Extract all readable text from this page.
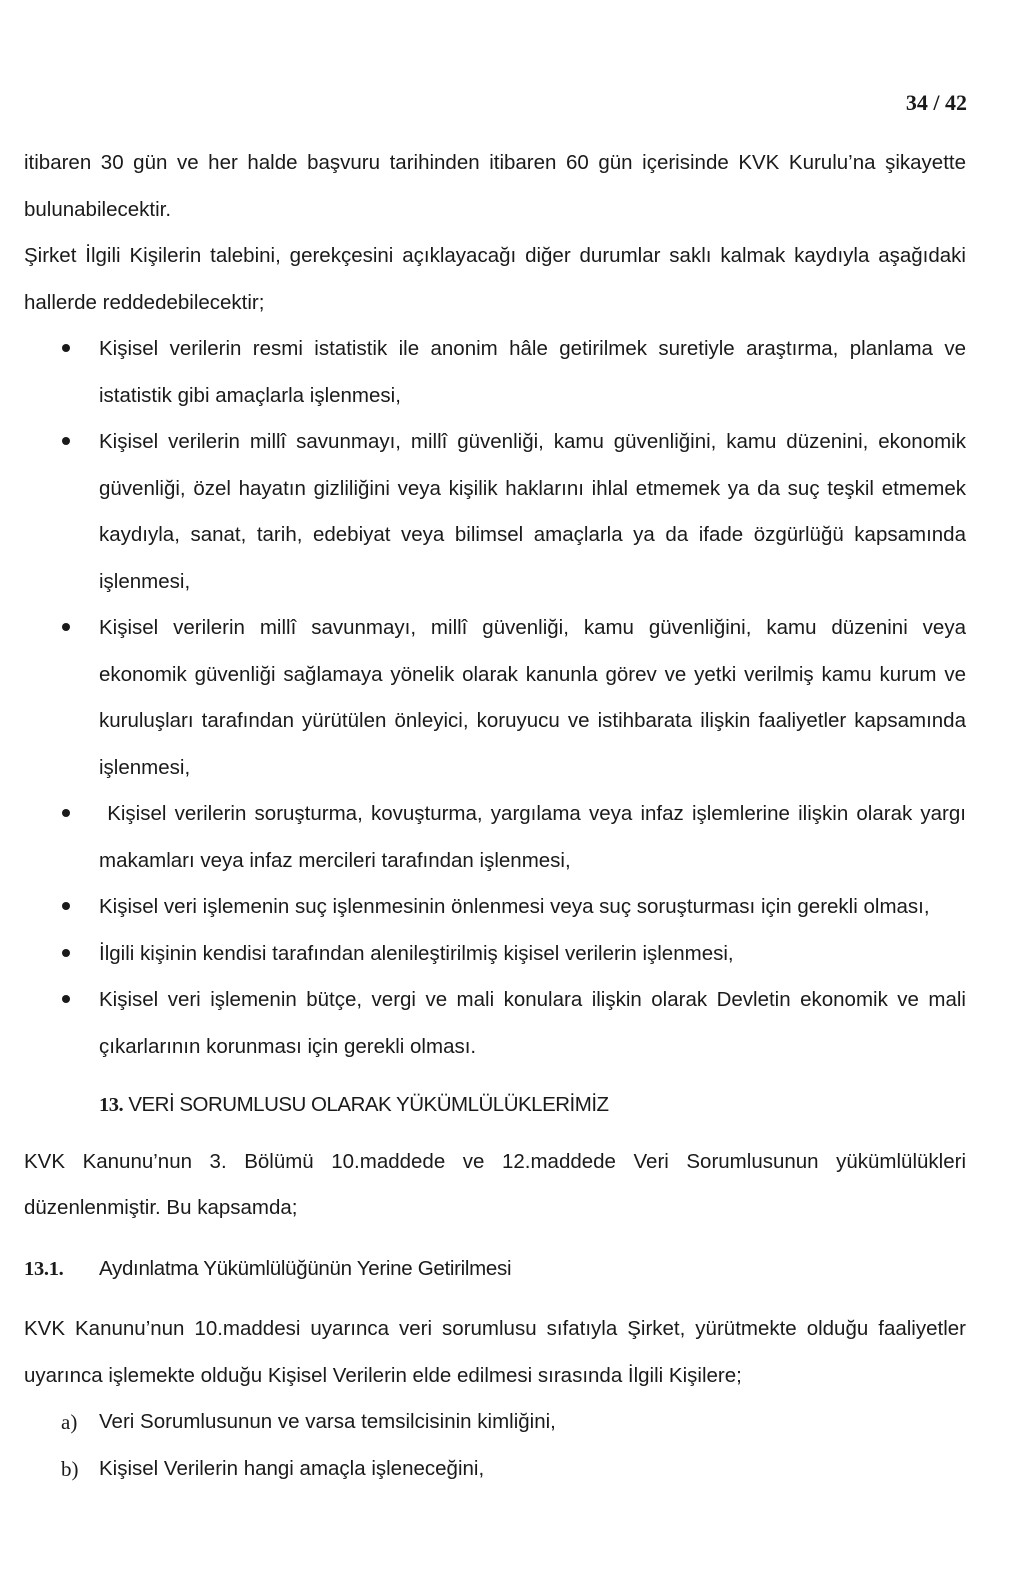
34 / 42

itibaren 30 gün ve her halde başvuru tarihinden itibaren 60 gün içerisinde KVK Kurulu’na şikayette bulunabilecektir.

Şirket İlgili Kişilerin talebini, gerekçesini açıklayacağı diğer durumlar saklı kalmak kaydıyla aşağıdaki hallerde reddedebilecektir;

Kişisel verilerin resmi istatistik ile anonim hâle getirilmek suretiyle araştırma, planlama ve istatistik gibi amaçlarla işlenmesi,
Kişisel verilerin millî savunmayı, millî güvenliği, kamu güvenliğini, kamu düzenini, ekonomik güvenliği, özel hayatın gizliliğini veya kişilik haklarını ihlal etmemek ya da suç teşkil etmemek kaydıyla, sanat, tarih, edebiyat veya bilimsel amaçlarla ya da ifade özgürlüğü kapsamında işlenmesi,
Kişisel verilerin millî savunmayı, millî güvenliği, kamu güvenliğini, kamu düzenini veya ekonomik güvenliği sağlamaya yönelik olarak kanunla görev ve yetki verilmiş kamu kurum ve kuruluşları tarafından yürütülen önleyici, koruyucu ve istihbarata ilişkin faaliyetler kapsamında işlenmesi,
Kişisel verilerin soruşturma, kovuşturma, yargılama veya infaz işlemlerine ilişkin olarak yargı makamları veya infaz mercileri tarafından işlenmesi,
Kişisel veri işlemenin suç işlenmesinin önlenmesi veya suç soruşturması için gerekli olması,
İlgili kişinin kendisi tarafından alenileştirilmiş kişisel verilerin işlenmesi,
Kişisel veri işlemenin bütçe, vergi ve mali konulara ilişkin olarak Devletin ekonomik ve mali çıkarlarının korunması için gerekli olması.
13. VERİ SORUMLUSU OLARAK YÜKÜMLÜLÜKLERİMİZ

KVK Kanunu’nun 3. Bölümü 10.maddede ve 12.maddede Veri Sorumlusunun yükümlülükleri düzenlenmiştir. Bu kapsamda;

13.1.	Aydınlatma Yükümlülüğünün Yerine Getirilmesi

KVK Kanunu’nun 10.maddesi uyarınca veri sorumlusu sıfatıyla Şirket, yürütmekte olduğu faaliyetler uyarınca işlemekte olduğu Kişisel Verilerin elde edilmesi sırasında İlgili Kişilere;

a)	Veri Sorumlusunun ve varsa temsilcisinin kimliğini,
b)	Kişisel Verilerin hangi amaçla işleneceğini,
